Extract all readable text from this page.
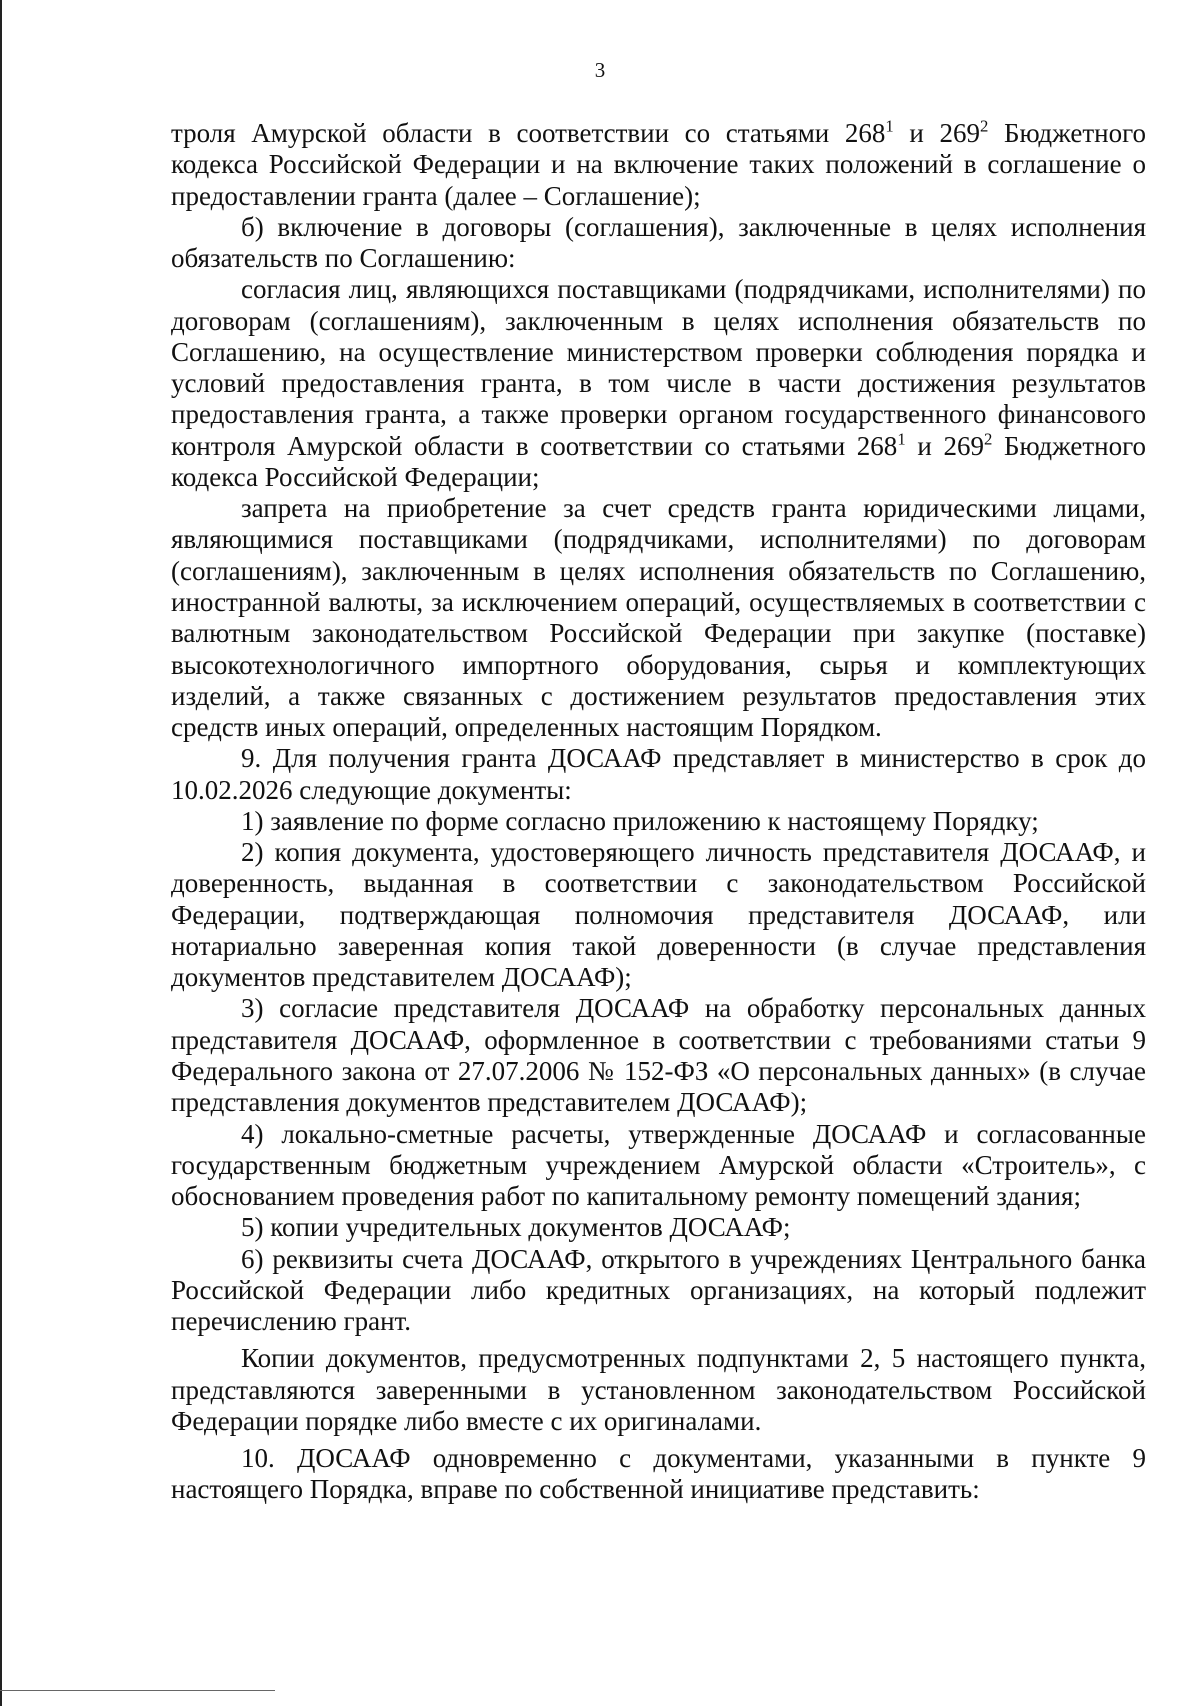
3

троля Амурской области в соответствии со статьями $268^1$ и $269^2$ Бюджетного кодекса Российской Федерации и на включение таких положений в соглашение о предоставлении гранта (далее – Соглашение);

б) включение в договоры (соглашения), заключенные в целях исполнения обязательств по Соглашению:

согласия лиц, являющихся поставщиками (подрядчиками, исполнителями) по договорам (соглашениям), заключенным в целях исполнения обязательств по Соглашению, на осуществление министерством проверки соблюдения порядка и условий предоставления гранта, в том числе в части достижения результатов предоставления гранта, а также проверки органом государственного финансового контроля Амурской области в соответствии со статьями $268^1$ и $269^2$ Бюджетного кодекса Российской Федерации;

запрета на приобретение за счет средств гранта юридическими лицами, являющимися поставщиками (подрядчиками, исполнителями) по договорам (соглашениям), заключенным в целях исполнения обязательств по Соглашению, иностранной валюты, за исключением операций, осуществляемых в соответствии с валютным законодательством Российской Федерации при закупке (поставке) высокотехнологичного импортного оборудования, сырья и комплектующих изделий, а также связанных с достижением результатов предоставления этих средств иных операций, определенных настоящим Порядком.

9. Для получения гранта ДОСААФ представляет в министерство в срок до 10.02.2026 следующие документы:

1) заявление по форме согласно приложению к настоящему Порядку;

2) копия документа, удостоверяющего личность представителя ДОСААФ, и доверенность, выданная в соответствии с законодательством Российской Федерации, подтверждающая полномочия представителя ДОСААФ, или нотариально заверенная копия такой доверенности (в случае представления документов представителем ДОСААФ);

3) согласие представителя ДОСААФ на обработку персональных данных представителя ДОСААФ, оформленное в соответствии с требованиями статьи 9 Федерального закона от 27.07.2006 № 152-ФЗ «О персональных данных» (в случае представления документов представителем ДОСААФ);

4) локально-сметные расчеты, утвержденные ДОСААФ и согласованные государственным бюджетным учреждением Амурской области «Строитель», с обоснованием проведения работ по капитальному ремонту помещений здания;

5) копии учредительных документов ДОСААФ;

6) реквизиты счета ДОСААФ, открытого в учреждениях Центрального банка Российской Федерации либо кредитных организациях, на который подлежит перечислению грант.

Копии документов, предусмотренных подпунктами 2, 5 настоящего пункта, представляются заверенными в установленном законодательством Российской Федерации порядке либо вместе с их оригиналами.

10. ДОСААФ одновременно с документами, указанными в пункте 9 настоящего Порядка, вправе по собственной инициативе представить:
